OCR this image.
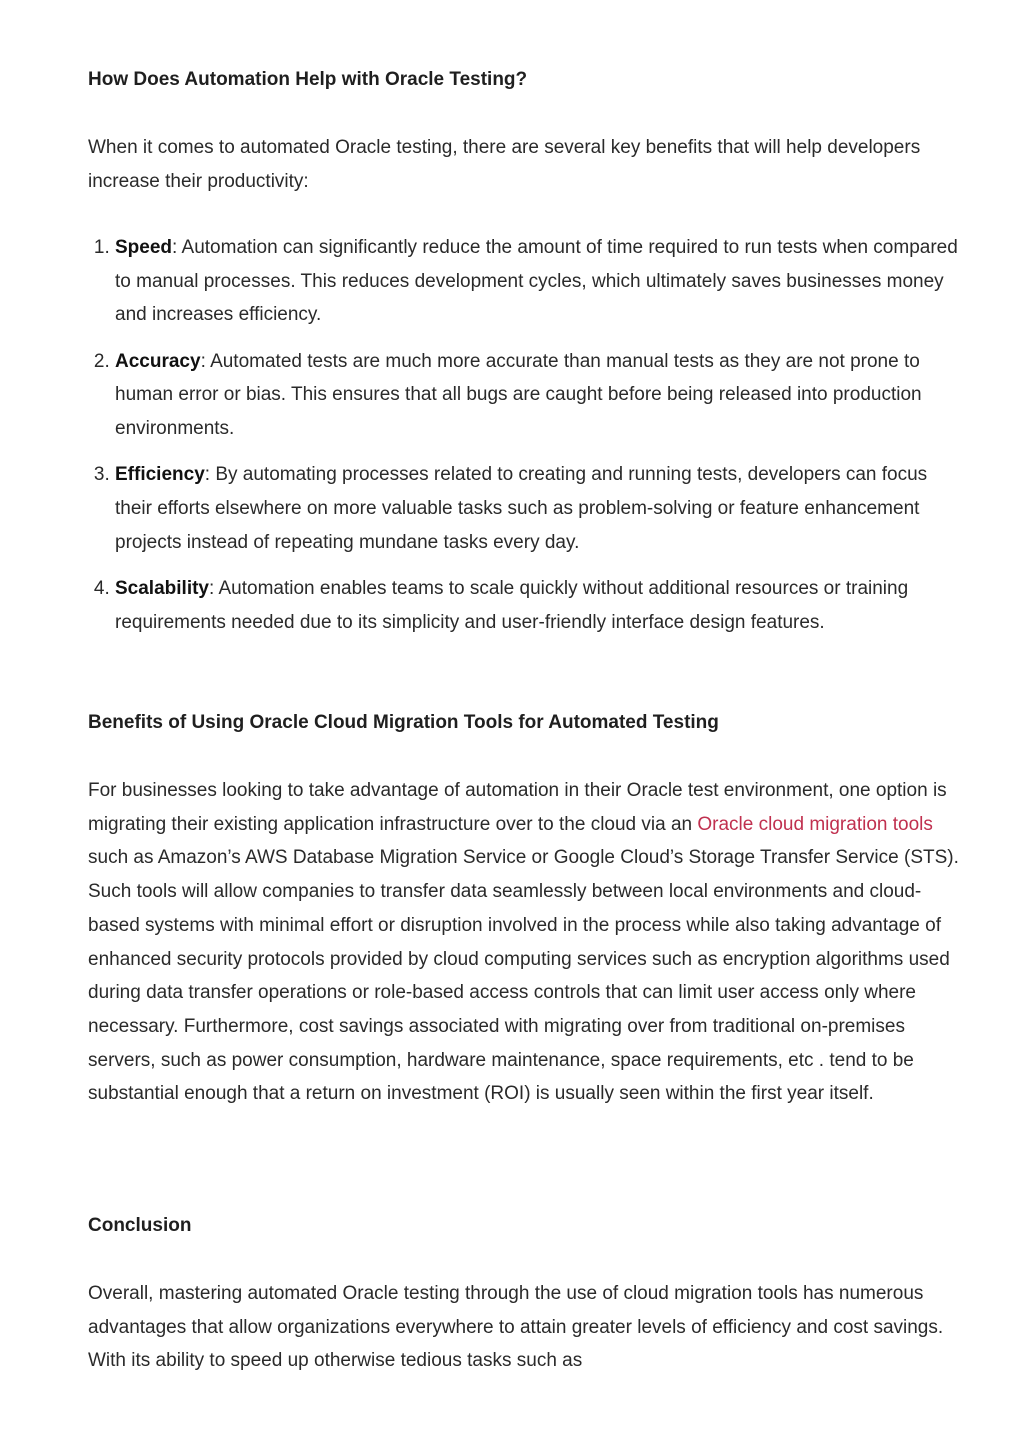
How Does Automation Help with Oracle Testing?

When it comes to automated Oracle testing, there are several key benefits that will help developers increase their productivity:

1. Speed: Automation can significantly reduce the amount of time required to run tests when compared to manual processes. This reduces development cycles, which ultimately saves businesses money and increases efficiency.
2. Accuracy: Automated tests are much more accurate than manual tests as they are not prone to human error or bias. This ensures that all bugs are caught before being released into production environments.
3. Efficiency: By automating processes related to creating and running tests, developers can focus their efforts elsewhere on more valuable tasks such as problem-solving or feature enhancement projects instead of repeating mundane tasks every day.
4. Scalability: Automation enables teams to scale quickly without additional resources or training requirements needed due to its simplicity and user-friendly interface design features.
Benefits of Using Oracle Cloud Migration Tools for Automated Testing

For businesses looking to take advantage of automation in their Oracle test environment, one option is migrating their existing application infrastructure over to the cloud via an Oracle cloud migration tools such as Amazon’s AWS Database Migration Service or Google Cloud’s Storage Transfer Service (STS). Such tools will allow companies to transfer data seamlessly between local environments and cloud-based systems with minimal effort or disruption involved in the process while also taking advantage of enhanced security protocols provided by cloud computing services such as encryption algorithms used during data transfer operations or role-based access controls that can limit user access only where necessary. Furthermore, cost savings associated with migrating over from traditional on-premises servers, such as power consumption, hardware maintenance, space requirements, etc . tend to be substantial enough that a return on investment (ROI) is usually seen within the first year itself.

Conclusion

Overall, mastering automated Oracle testing through the use of cloud migration tools has numerous advantages that allow organizations everywhere to attain greater levels of efficiency and cost savings. With its ability to speed up otherwise tedious tasks such as
